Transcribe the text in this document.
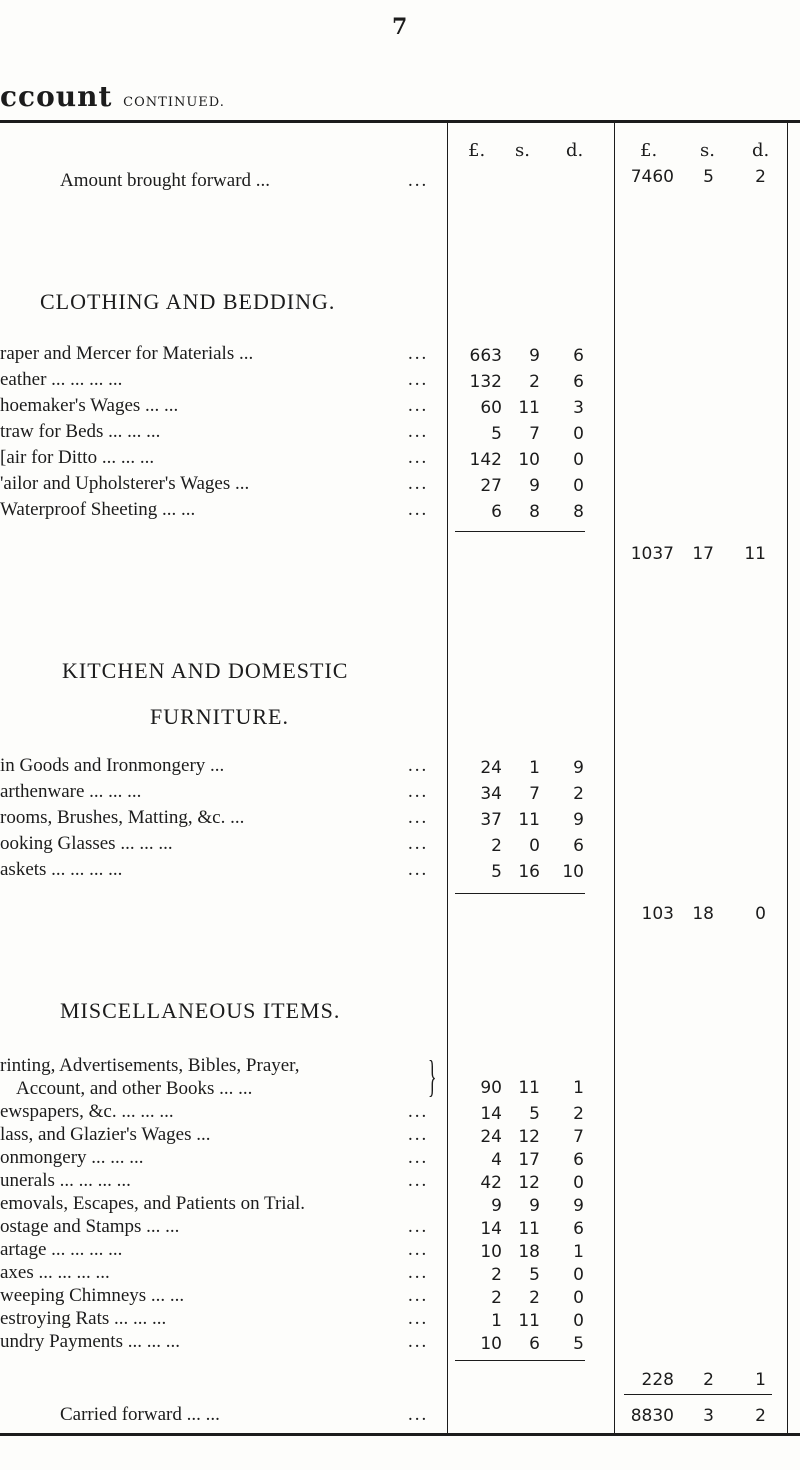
7
ccount CONTINUED.
£. s. d.	£. s. d.
Amount brought forward ...	...	7460	5	2
CLOTHING AND BEDDING.
raper and Mercer for Materials ...	...	663	9	6
eather ... ... ... ...	...	132	2	6
hoemaker's Wages ... ...	...	60 11	3
traw for Beds ... ... ...	...	5	7	0
[air for Ditto ... ... ...	...	142 10	0
'ailor and Upholsterer's Wages ...	...	27	9	0
Waterproof Sheeting ... ...	...	6	8	8
1037	17	11
KITCHEN AND DOMESTIC
FURNITURE.
in Goods and Ironmongery ...	...	24	1	9
arthenware ... ... ...	...	34	7	2
rooms, Brushes, Matting, &c. ...	...	37 11	9
ooking Glasses ... ... ...	...	2	0	6
askets ... ... ... ...	...	5 16 10
103	18	0
MISCELLANEOUS ITEMS.
rinting, Advertisements, Bibles, Prayer,
Account, and other Books ... ...	}	90 11	1
ewspapers, &c. ... ... ...	...	14	5	2
lass, and Glazier's Wages ...	...	24 12	7
onmongery ... ... ...	...	4 17	6
unerals ... ... ... ...	...	42 12	0
emovals, Escapes, and Patients on Trial.	9	9	9
ostage and Stamps ... ...	...	14 11	6
artage ... ... ... ...	...	10 18	1
axes ... ... ... ...	...	2	5	0
weeping Chimneys ... ...	...	2	2	0
estroying Rats ... ... ...	...	1 11	0
undry Payments ... ... ...	...	10	6	5
228	2	1
Carried forward ... ...	...	8830	3	2
